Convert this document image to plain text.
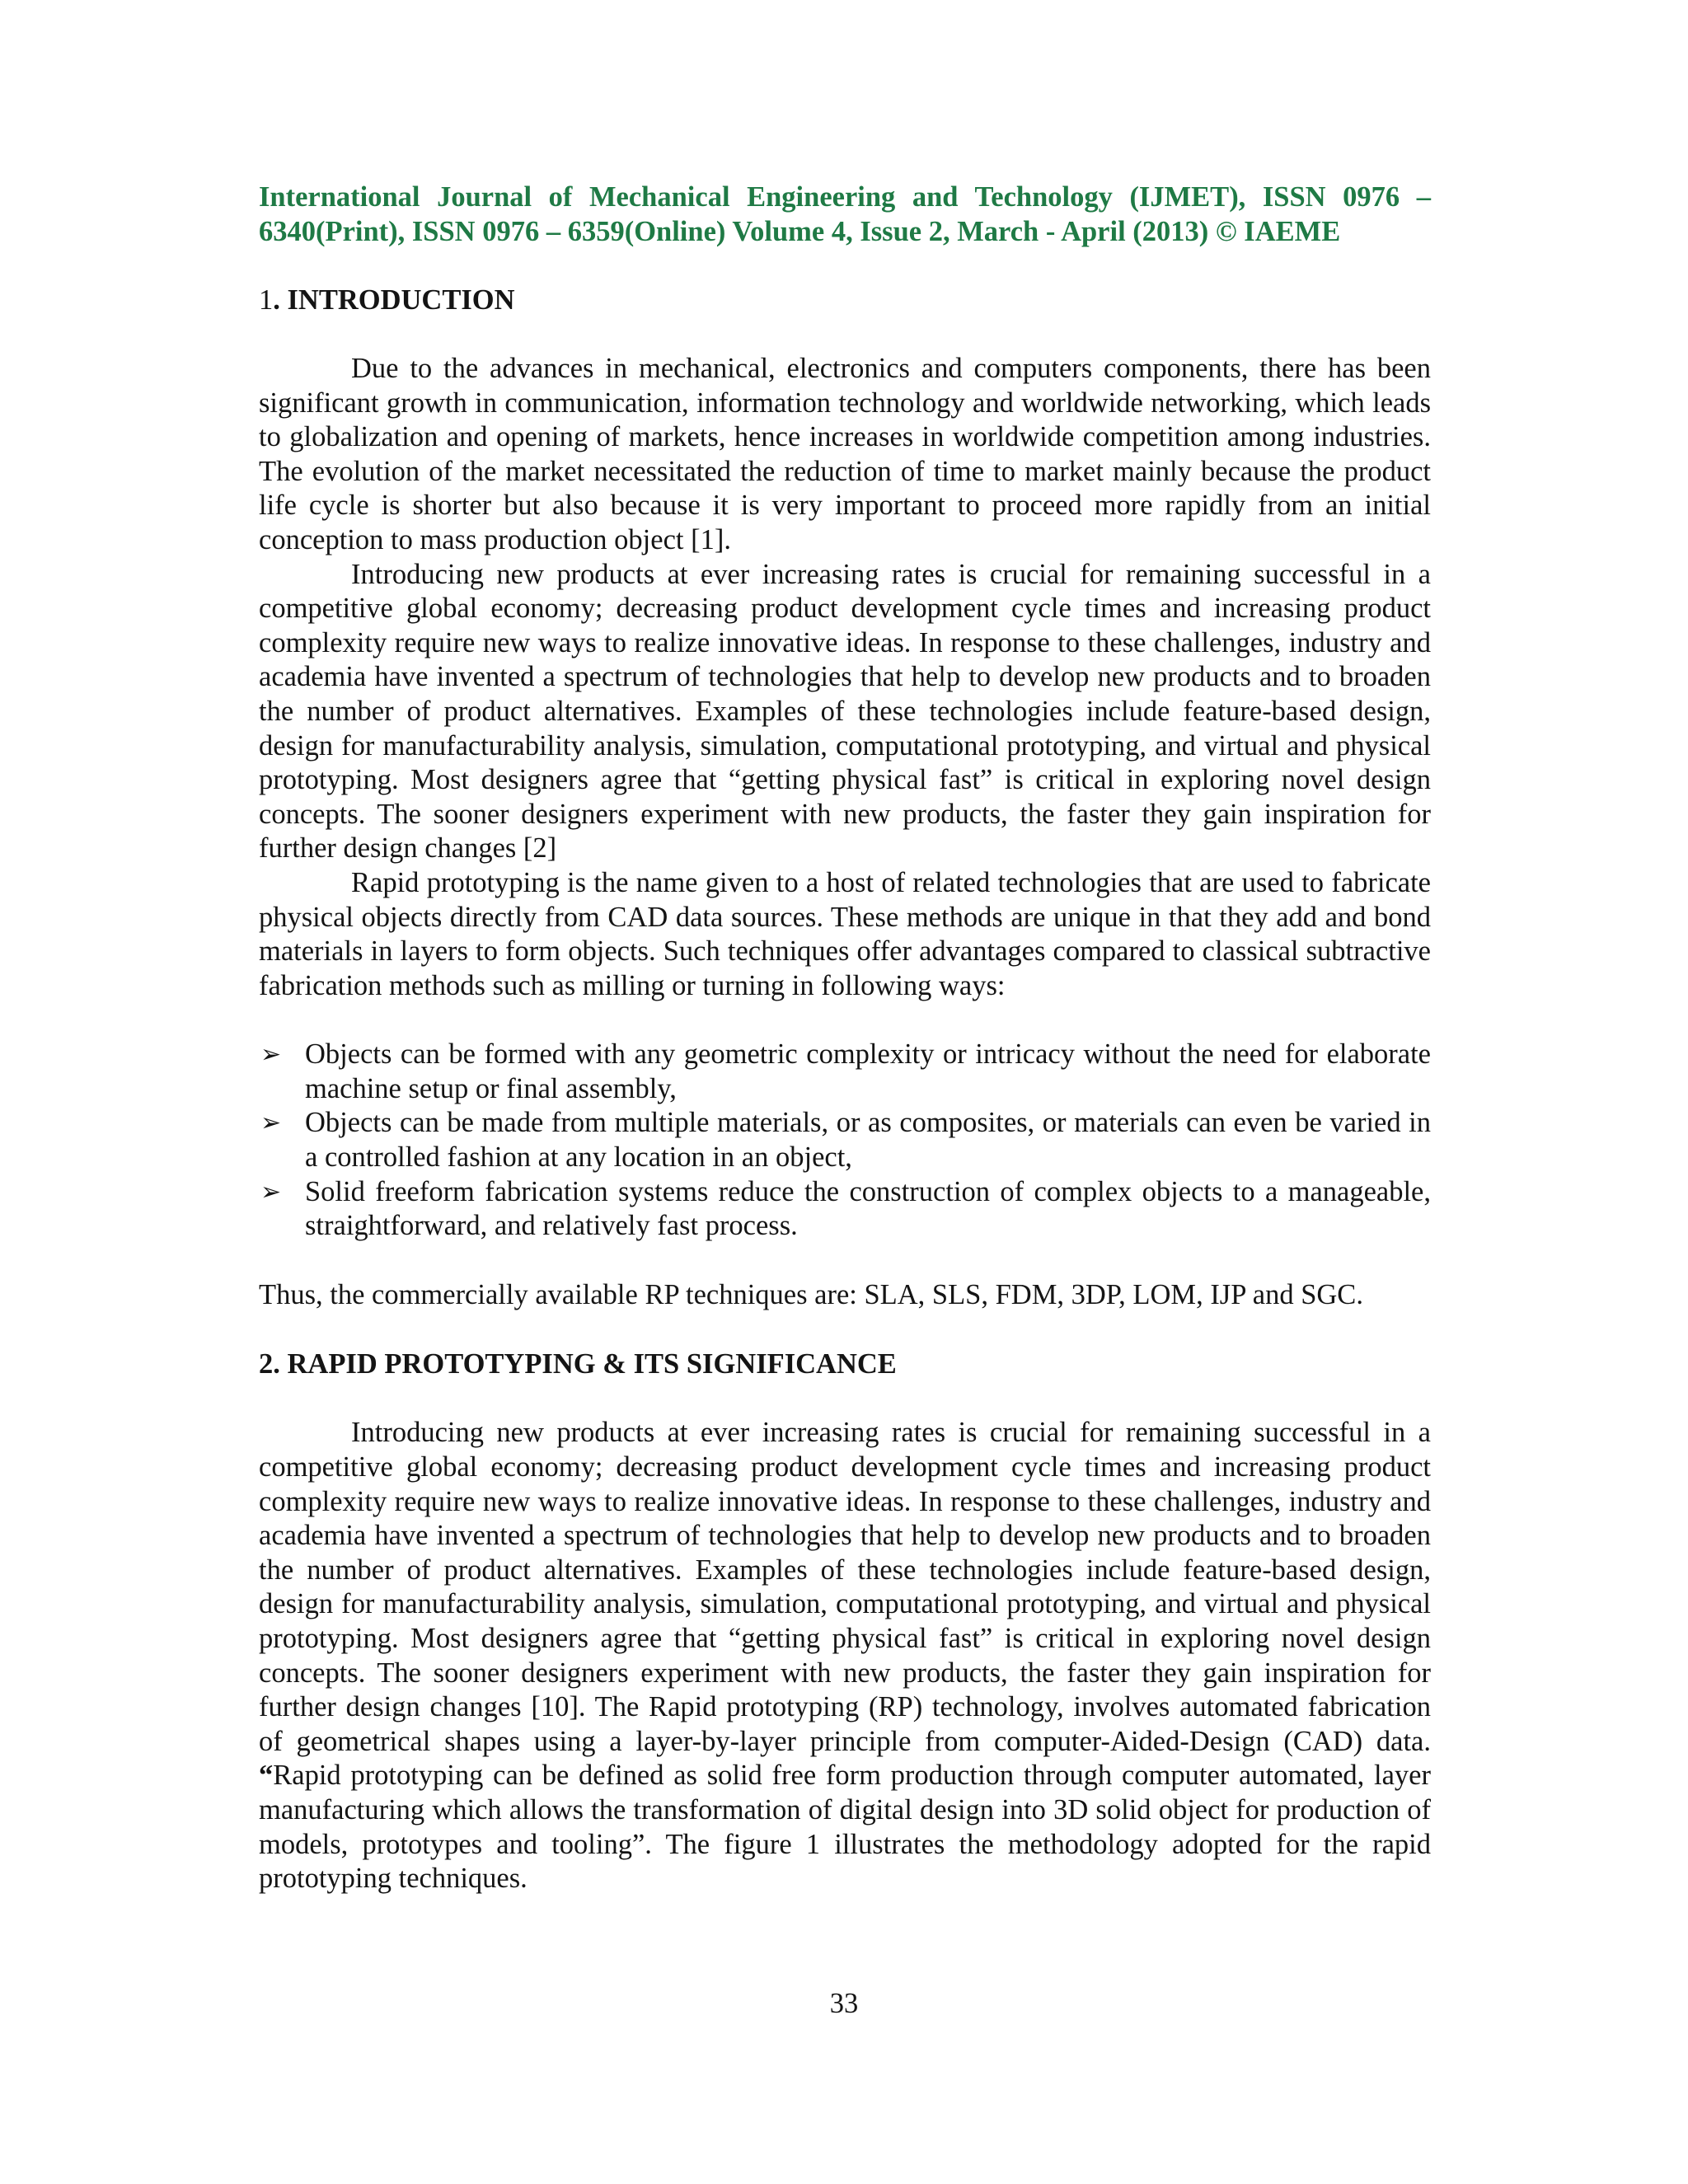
International Journal of Mechanical Engineering and Technology (IJMET), ISSN 0976 – 6340(Print), ISSN 0976 – 6359(Online) Volume 4, Issue 2, March - April (2013) © IAEME

1. INTRODUCTION

Due to the advances in mechanical, electronics and computers components, there has been significant growth in communication, information technology and worldwide networking, which leads to globalization and opening of markets, hence increases in worldwide competition among industries. The evolution of the market necessitated the reduction of time to market mainly because the product life cycle is shorter but also because it is very important to proceed more rapidly from an initial conception to mass production object [1].

Introducing new products at ever increasing rates is crucial for remaining successful in a competitive global economy; decreasing product development cycle times and increasing product complexity require new ways to realize innovative ideas. In response to these challenges, industry and academia have invented a spectrum of technologies that help to develop new products and to broaden the number of product alternatives. Examples of these technologies include feature-based design, design for manufacturability analysis, simulation, computational prototyping, and virtual and physical prototyping. Most designers agree that “getting physical fast” is critical in exploring novel design concepts. The sooner designers experiment with new products, the faster they gain inspiration for further design changes [2]

Rapid prototyping is the name given to a host of related technologies that are used to fabricate physical objects directly from CAD data sources. These methods are unique in that they add and bond materials in layers to form objects. Such techniques offer advantages compared to classical subtractive fabrication methods such as milling or turning in following ways:

➢ Objects can be formed with any geometric complexity or intricacy without the need for elaborate machine setup or final assembly,
➢ Objects can be made from multiple materials, or as composites, or materials can even be varied in a controlled fashion at any location in an object,
➢ Solid freeform fabrication systems reduce the construction of complex objects to a manageable, straightforward, and relatively fast process.

Thus, the commercially available RP techniques are: SLA, SLS, FDM, 3DP, LOM, IJP and SGC.

2. RAPID PROTOTYPING & ITS SIGNIFICANCE

Introducing new products at ever increasing rates is crucial for remaining successful in a competitive global economy; decreasing product development cycle times and increasing product complexity require new ways to realize innovative ideas. In response to these challenges, industry and academia have invented a spectrum of technologies that help to develop new products and to broaden the number of product alternatives. Examples of these technologies include feature-based design, design for manufacturability analysis, simulation, computational prototyping, and virtual and physical prototyping. Most designers agree that “getting physical fast” is critical in exploring novel design concepts. The sooner designers experiment with new products, the faster they gain inspiration for further design changes [10]. The Rapid prototyping (RP) technology, involves automated fabrication of geometrical shapes using a layer-by-layer principle from computer-Aided-Design (CAD) data. “Rapid prototyping can be defined as solid free form production through computer automated, layer manufacturing which allows the transformation of digital design into 3D solid object for production of models, prototypes and tooling”. The figure 1 illustrates the methodology adopted for the rapid prototyping techniques.

33
